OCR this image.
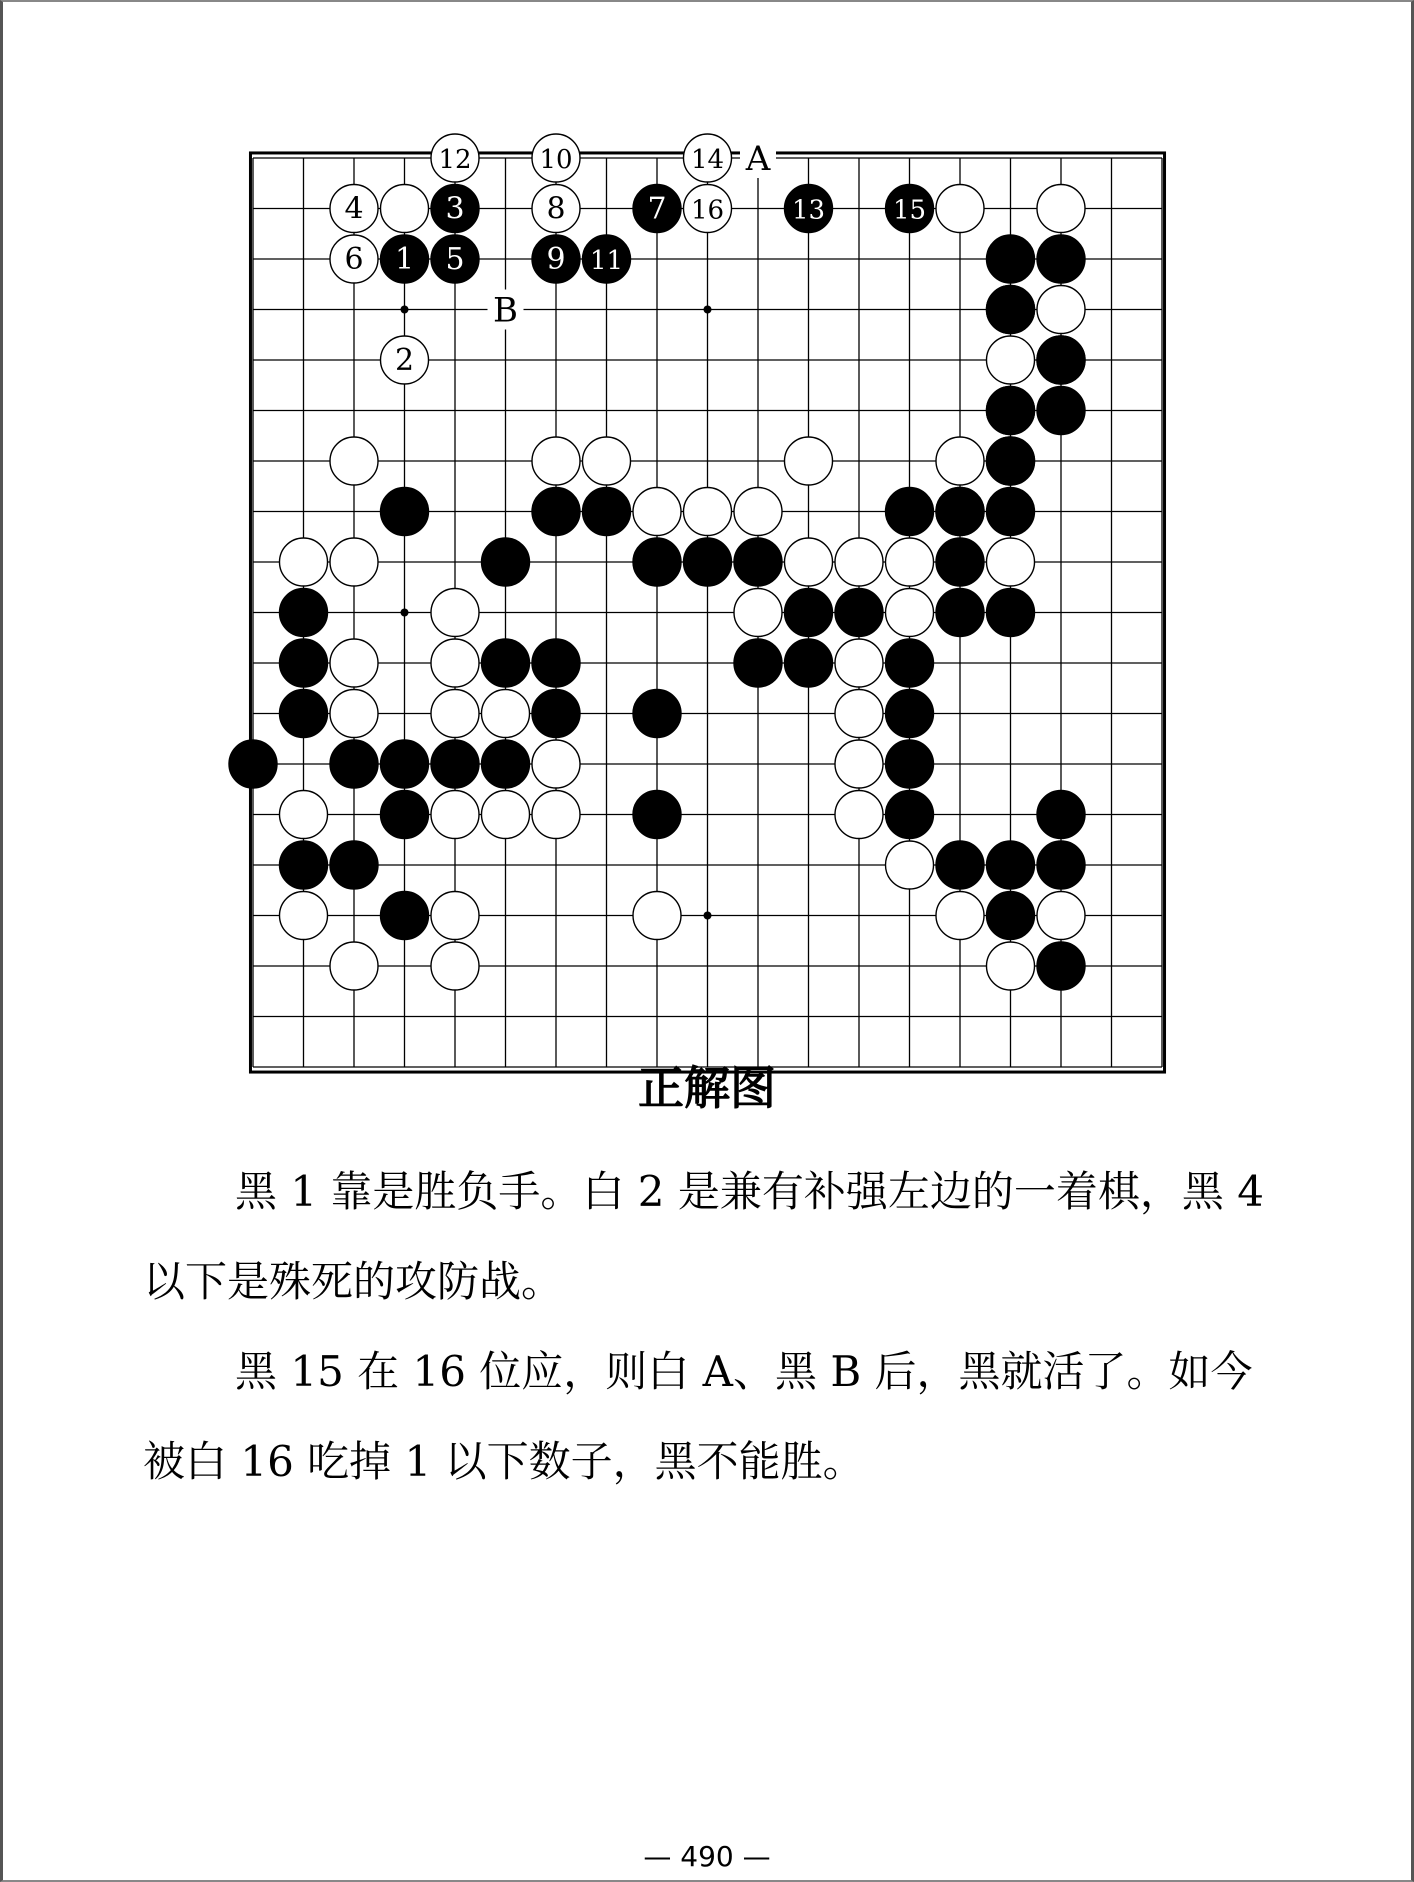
1
2
3
4
5
6
7
8
9
10
11
12
13
14
15
16
A
B
正解图

黑 1 靠是胜负手。白 2 是兼有补强左边的一着棋，黑 4 以下是殊死的攻防战。

黑 15 在 16 位应，则白 A、黑 B 后，黑就活了。如今被白 16 吃掉 1 以下数子，黑不能胜。

— 490 —
